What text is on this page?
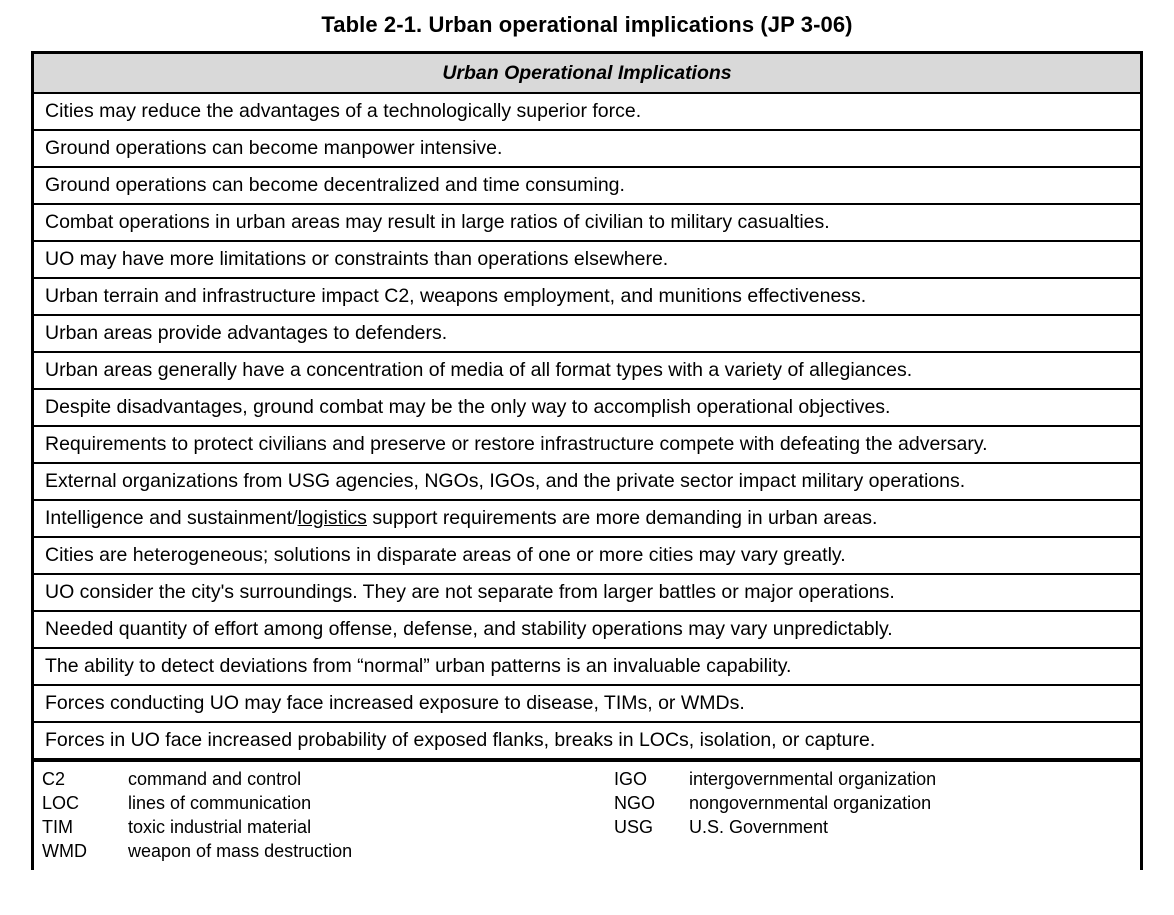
Table 2-1. Urban operational implications (JP 3-06)
Urban Operational Implications
Cities may reduce the advantages of a technologically superior force.
Ground operations can become manpower intensive.
Ground operations can become decentralized and time consuming.
Combat operations in urban areas may result in large ratios of civilian to military casualties.
UO may have more limitations or constraints than operations elsewhere.
Urban terrain and infrastructure impact C2, weapons employment, and munitions effectiveness.
Urban areas provide advantages to defenders.
Urban areas generally have a concentration of media of all format types with a variety of allegiances.
Despite disadvantages, ground combat may be the only way to accomplish operational objectives.
Requirements to protect civilians and preserve or restore infrastructure compete with defeating the adversary.
External organizations from USG agencies, NGOs, IGOs, and the private sector impact military operations.
Intelligence and sustainment/logistics support requirements are more demanding in urban areas.
Cities are heterogeneous; solutions in disparate areas of one or more cities may vary greatly.
UO consider the city's surroundings. They are not separate from larger battles or major operations.
Needed quantity of effort among offense, defense, and stability operations may vary unpredictably.
The ability to detect deviations from “normal” urban patterns is an invaluable capability.
Forces conducting UO may face increased exposure to disease, TIMs, or WMDs.
Forces in UO face increased probability of exposed flanks, breaks in LOCs, isolation, or capture.
C2	command and control
LOC	lines of communication
TIM	toxic industrial material
WMD	weapon of mass destruction
IGO	intergovernmental organization
NGO	nongovernmental organization
USG	U.S. Government
